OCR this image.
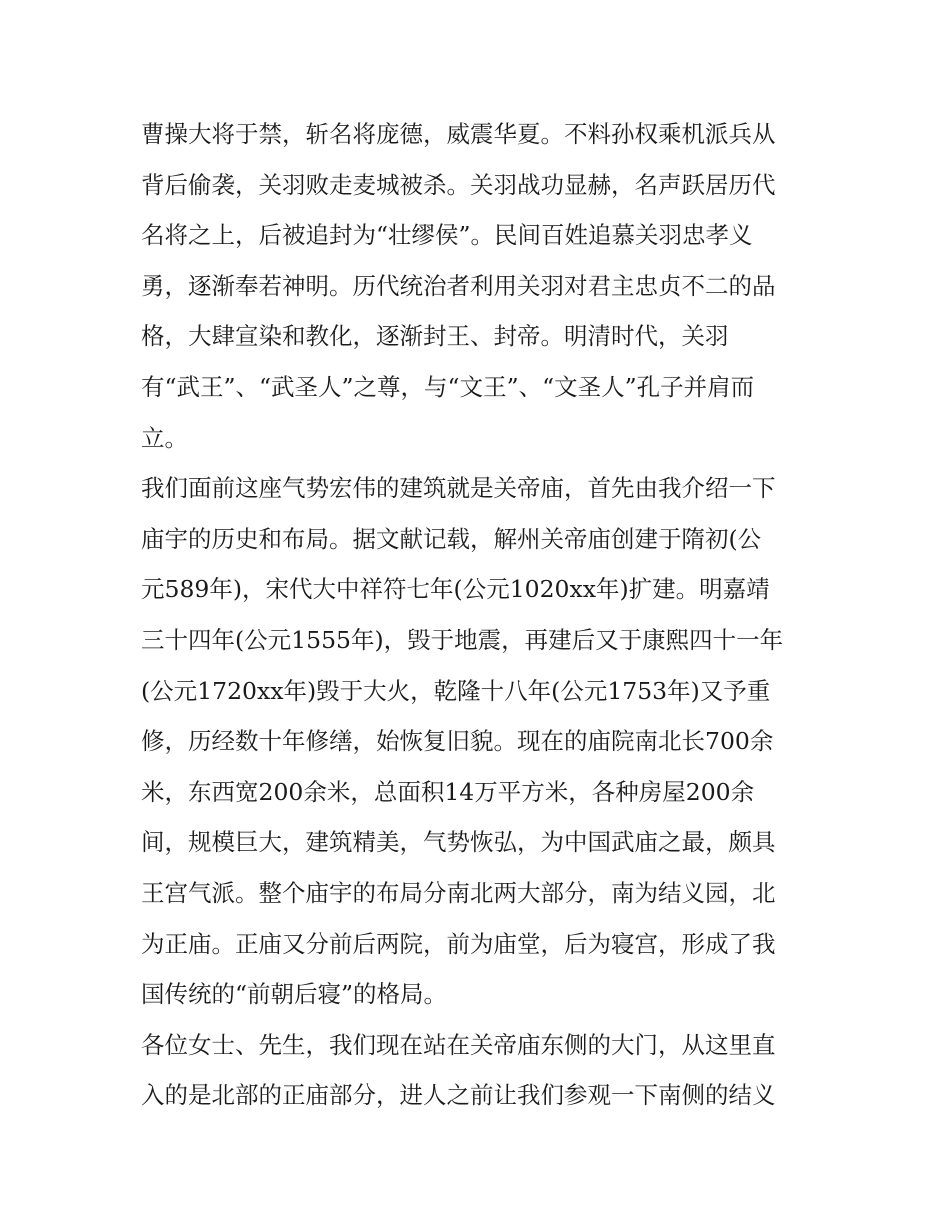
曹操大将于禁，斩名将庞德，威震华夏。不料孙权乘机派兵从
背后偷袭，关羽败走麦城被杀。关羽战功显赫，名声跃居历代
名将之上，后被追封为“壮缪侯”。民间百姓追慕关羽忠孝义
勇，逐渐奉若神明。历代统治者利用关羽对君主忠贞不二的品
格，大肆宣染和教化，逐渐封王、封帝。明清时代，关羽
有“武王”、“武圣人”之尊，与“文王”、“文圣人”孔子并肩而
立。
我们面前这座气势宏伟的建筑就是关帝庙，首先由我介绍一下
庙宇的历史和布局。据文献记载，解州关帝庙创建于隋初(公
元589年)，宋代大中祥符七年(公元1020xx年)扩建。明嘉靖
三十四年(公元1555年)，毁于地震，再建后又于康熙四十一年
(公元1720xx年)毁于大火，乾隆十八年(公元1753年)又予重
修，历经数十年修缮，始恢复旧貌。现在的庙院南北长700余
米，东西宽200余米，总面积14万平方米，各种房屋200余
间，规模巨大，建筑精美，气势恢弘，为中国武庙之最，颇具
王宫气派。整个庙宇的布局分南北两大部分，南为结义园，北
为正庙。正庙又分前后两院，前为庙堂，后为寝宫，形成了我
国传统的“前朝后寝”的格局。
各位女士、先生，我们现在站在关帝庙东侧的大门，从这里直
入的是北部的正庙部分，进人之前让我们参观一下南侧的结义
